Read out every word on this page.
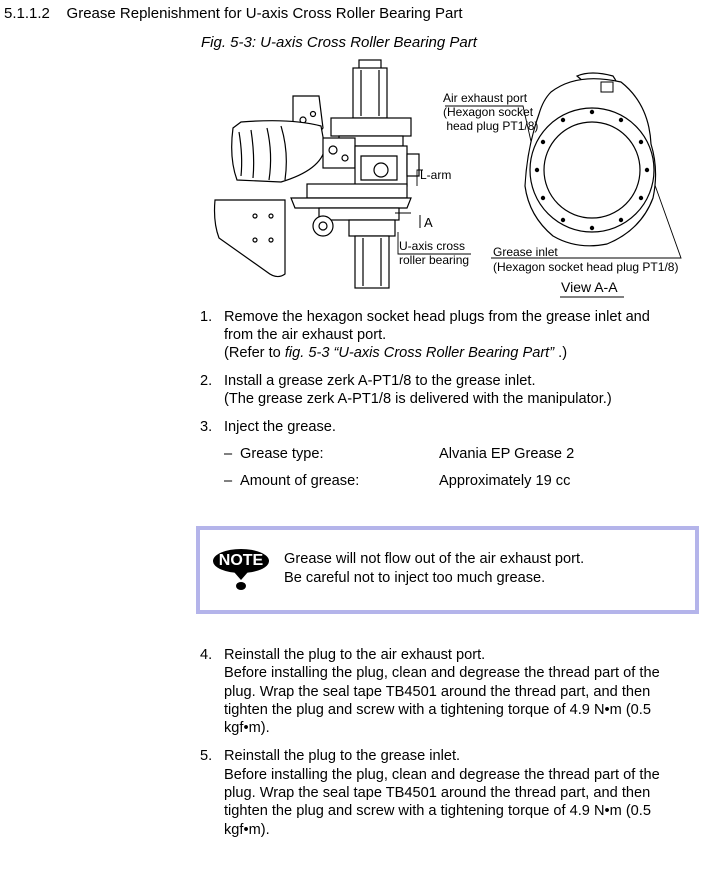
5.1.1.2 Grease Replenishment for U-axis Cross Roller Bearing Part
Fig. 5-3: U-axis Cross Roller Bearing Part
Air exhaust port
(Hexagon socket
head plug PT1/8)
L-arm
A
U-axis cross
roller bearing
Grease inlet
(Hexagon socket head plug PT1/8)
View A-A
1. Remove the hexagon socket head plugs from the grease inlet and
from the air exhaust port.
(Refer to fig. 5-3 “U-axis Cross Roller Bearing Part” .)
2. Install a grease zerk A-PT1/8 to the grease inlet.
(The grease zerk A-PT1/8 is delivered with the manipulator.)
3. Inject the grease.
– Grease type:	Alvania EP Grease 2
– Amount of grease:	Approximately 19 cc
NOTE	Grease will not flow out of the air exhaust port.
Be careful not to inject too much grease.
4. Reinstall the plug to the air exhaust port.
Before installing the plug, clean and degrease the thread part of the
plug. Wrap the seal tape TB4501 around the thread part, and then
tighten the plug and screw with a tightening torque of 4.9 N•m (0.5
kgf•m).
5. Reinstall the plug to the grease inlet.
Before installing the plug, clean and degrease the thread part of the
plug. Wrap the seal tape TB4501 around the thread part, and then
tighten the plug and screw with a tightening torque of 4.9 N•m (0.5
kgf•m).
